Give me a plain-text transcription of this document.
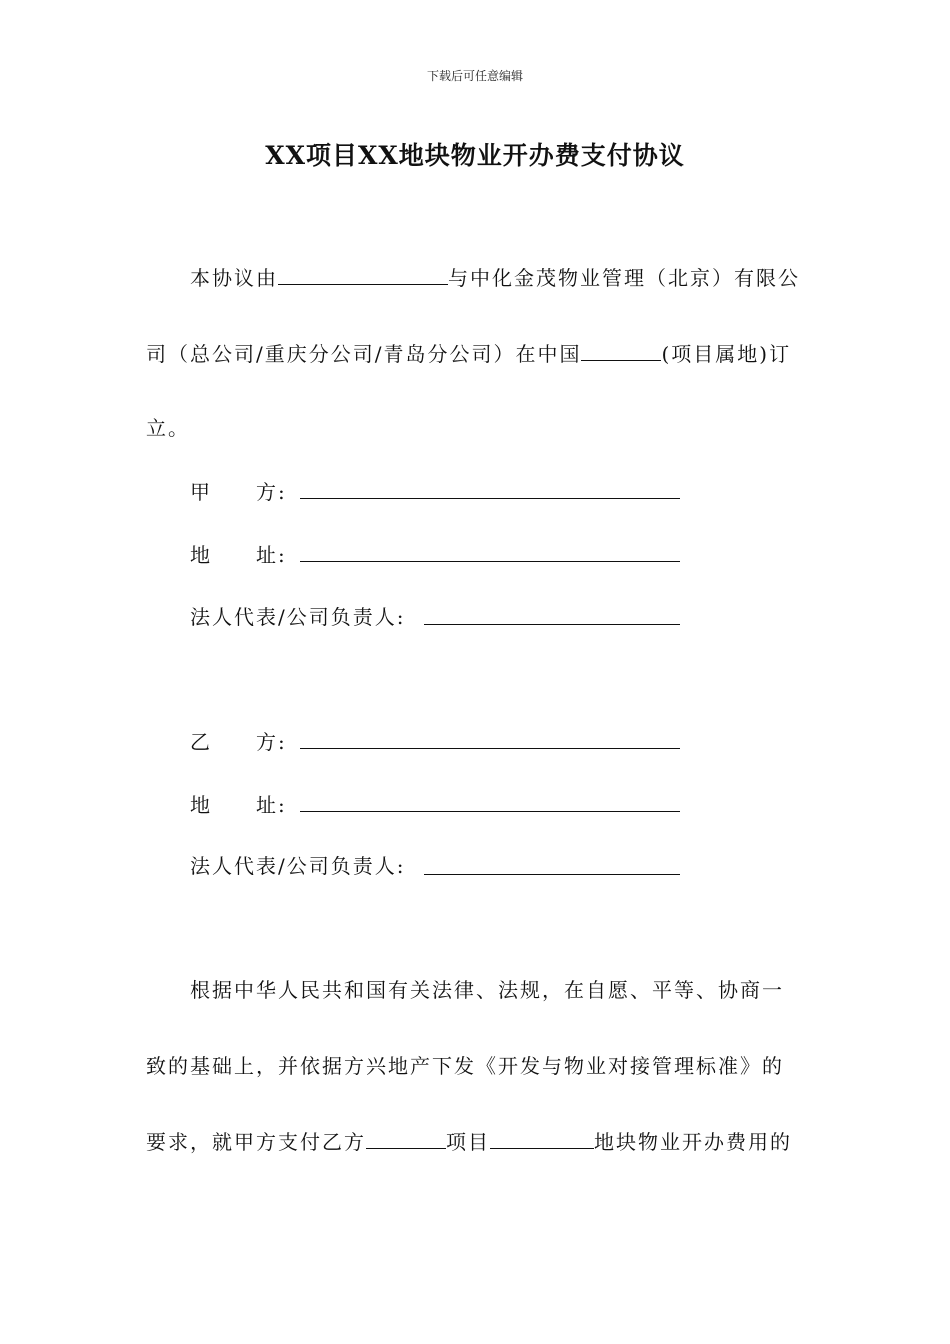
下载后可任意编辑
XX项目XX地块物业开办费支付协议
本协议由	与中化金茂物业管理（北京）有限公
司（总公司/重庆分公司/青岛分公司）在中国	(项目属地)订
立。
甲 方:
地 址:
法人代表/公司负责人:
乙 方:
地 址:
法人代表/公司负责人:
根据中华人民共和国有关法律、法规，在自愿、平等、协商一
致的基础上，并依据方兴地产下发《开发与物业对接管理标准》的
要求，就甲方支付乙方	项目	地块物业开办费用的
